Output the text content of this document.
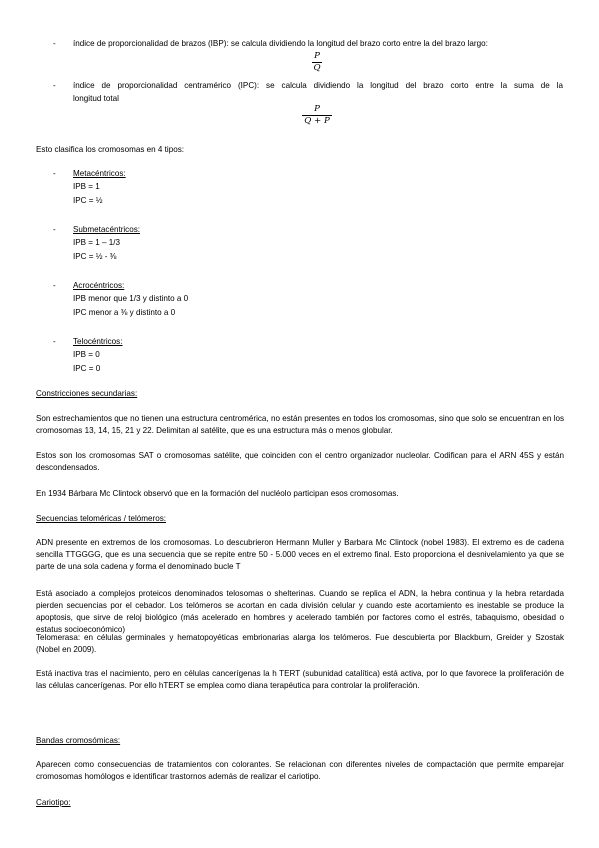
- índice de proporcionalidad de brazos (IBP): se calcula dividiendo la longitud del brazo corto entre la del brazo largo:
P
Q
- índice de proporcionalidad centramérico (IPC): se calcula dividiendo la longitud del brazo corto entre la suma de la
longitud total
P
Q + P
Esto clasifica los cromosomas en 4 tipos:
- Metacéntricos:
IPB = 1
IPC = ½
- Submetacéntricos:
IPB = 1 – 1/3
IPC = ½ - ⅜
- Acrocéntricos:
IPB menor que 1/3 y distinto a 0
IPC menor a ⅜ y distinto a 0
- Telocéntricos:
IPB = 0
IPC = 0
Constricciones secundarias:
Son estrechamientos que no tienen una estructura centromérica, no están presentes en todos los cromosomas, sino que solo se encuentran en los cromosomas 13, 14, 15, 21 y 22. Delimitan al satélite, que es una estructura más o menos globular.
Estos son los cromosomas SAT o cromosomas satélite, que coinciden con el centro organizador nucleolar. Codifican para el ARN 45S y están descondensados.
En 1934 Bárbara Mc Clintock observó que en la formación del nucléolo participan esos cromosomas.
Secuencias teloméricas / telómeros:
ADN presente en extremos de los cromosomas. Lo descubrieron Hermann Muller y Barbara Mc Clintock (nobel 1983). El extremo es de cadena sencilla TTGGGG, que es una secuencia que se repite entre 50 - 5.000 veces en el extremo final. Esto proporciona el desnivelamiento ya que se parte de una sola cadena y forma el denominado bucle T
Está asociado a complejos proteicos denominados telosomas o shelterinas. Cuando se replica el ADN, la hebra continua y la hebra retardada pierden secuencias por el cebador. Los telómeros se acortan en cada división celular y cuando este acortamiento es inestable se produce la apoptosis, que sirve de reloj biológico (más acelerado en hombres y acelerado también por factores como el estrés, tabaquismo, obesidad o estatus socioeconómico)
Telomerasa: en células germinales y hematopoyéticas embrionarias alarga los telómeros. Fue descubierta por Blackburn, Greider y Szostak (Nobel en 2009).
Está inactiva tras el nacimiento, pero en células cancerígenas la h TERT (subunidad catalítica) está activa, por lo que favorece la proliferación de las células cancerígenas. Por ello hTERT se emplea como diana terapéutica para controlar la proliferación.
Bandas cromosómicas:
Aparecen como consecuencias de tratamientos con colorantes. Se relacionan con diferentes niveles de compactación que permite emparejar cromosomas homólogos e identificar trastornos además de realizar el cariotipo.
Cariotipo:
